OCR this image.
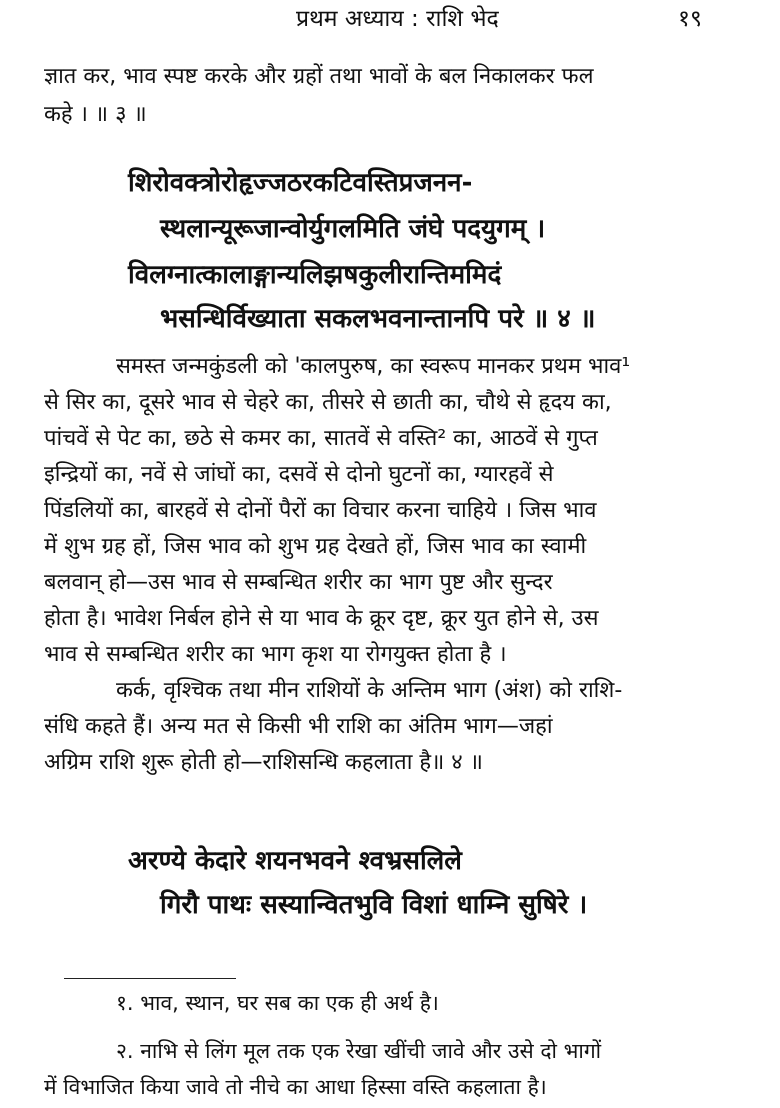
प्रथम अध्याय : राशि भेद	१९
ज्ञात कर, भाव स्पष्ट करके और ग्रहों तथा भावों के बल निकालकर फल
कहे । ॥ ३ ॥
शिरोवक्त्रोरोहृज्जठरकटिवस्तिप्रजनन-
स्थलान्यूरूजान्वोर्युगलमिति जंघे पदयुगम् ।
विलग्नात्कालाङ्गान्यलिझषकुलीरान्तिममिदं
भसन्धिर्विख्याता सकलभवनान्तानपि परे ॥ ४ ॥
समस्त जन्मकुंडली को 'कालपुरुष, का स्वरूप मानकर प्रथम भाव¹
से सिर का, दूसरे भाव से चेहरे का, तीसरे से छाती का, चौथे से हृदय का,
पांचवें से पेट का, छठे से कमर का, सातवें से वस्ति² का, आठवें से गुप्त
इन्द्रियों का, नवें से जांघों का, दसवें से दोनो घुटनों का, ग्यारहवें से
पिंडलियों का, बारहवें से दोनों पैरों का विचार करना चाहिये । जिस भाव
में शुभ ग्रह हों, जिस भाव को शुभ ग्रह देखते हों, जिस भाव का स्वामी
बलवान् हो—उस भाव से सम्बन्धित शरीर का भाग पुष्ट और सुन्दर
होता है। भावेश निर्बल होने से या भाव के क्रूर दृष्ट, क्रूर युत होने से, उस
भाव से सम्बन्धित शरीर का भाग कृश या रोगयुक्त होता है ।
कर्क, वृश्चिक तथा मीन राशियों के अन्तिम भाग (अंश) को राशि-
संधि कहते हैं। अन्य मत से किसी भी राशि का अंतिम भाग—जहां
अग्रिम राशि शुरू होती हो—राशिसन्धि कहलाता है॥ ४ ॥
अरण्ये केदारे शयनभवने श्वभ्रसलिले
गिरौ पाथः सस्यान्वितभुवि विशां धाम्नि सुषिरे ।
१. भाव, स्थान, घर सब का एक ही अर्थ है।
२. नाभि से लिंग मूल तक एक रेखा खींची जावे और उसे दो भागों
में विभाजित किया जावे तो नीचे का आधा हिस्सा वस्ति कहलाता है।
